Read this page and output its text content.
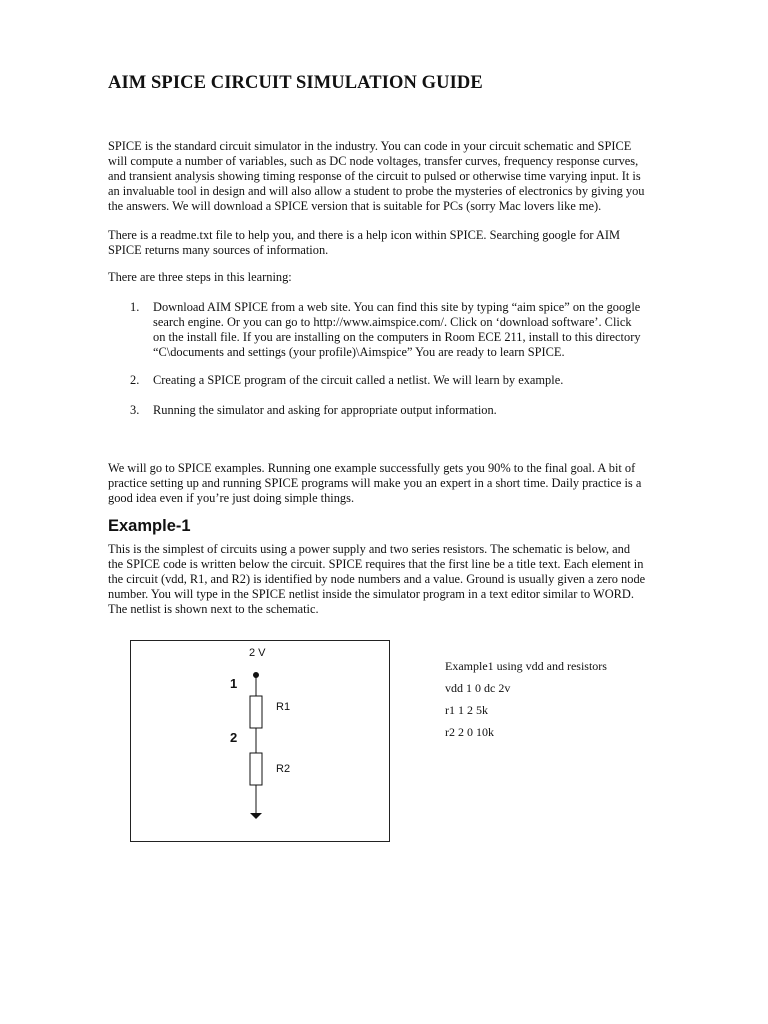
AIM SPICE CIRCUIT SIMULATION GUIDE

SPICE is the standard circuit simulator in the industry. You can code in your circuit schematic and SPICE
will compute a number of variables, such as DC node voltages, transfer curves, frequency response curves,
and transient analysis showing timing response of the circuit to pulsed or otherwise time varying input. It is
an invaluable tool in design and will also allow a student to probe the mysteries of electronics by giving you
the answers. We will download a SPICE version that is suitable for PCs (sorry Mac lovers like me).

There is a readme.txt file to help you, and there is a help icon within SPICE. Searching google for AIM
SPICE returns many sources of information.

There are three steps in this learning:

1.	Download AIM SPICE from a web site. You can find this site by typing “aim spice” on the google
search engine. Or you can go to http://www.aimspice.com/. Click on ‘download software’. Click
on the install file. If you are installing on the computers in Room ECE 211, install to this directory
“C\documents and settings (your profile)\Aimspice” You are ready to learn SPICE.
2.	Creating a SPICE program of the circuit called a netlist. We will learn by example.
3.	Running the simulator and asking for appropriate output information.

We will go to SPICE examples. Running one example successfully gets you 90% to the final goal. A bit of
practice setting up and running SPICE programs will make you an expert in a short time. Daily practice is a
good idea even if you’re just doing simple things.

Example-1

This is the simplest of circuits using a power supply and two series resistors. The schematic is below, and
the SPICE code is written below the circuit. SPICE requires that the first line be a title text. Each element in
the circuit (vdd, R1, and R2) is identified by node numbers and a value. Ground is usually given a zero node
number. You will type in the SPICE netlist inside the simulator program in a text editor similar to WORD.
The netlist is shown next to the schematic.

2 V
1
R1
2
R2
Example1 using vdd and resistors
vdd 1 0 dc 2v
r1 1 2 5k
r2 2 0 10k
